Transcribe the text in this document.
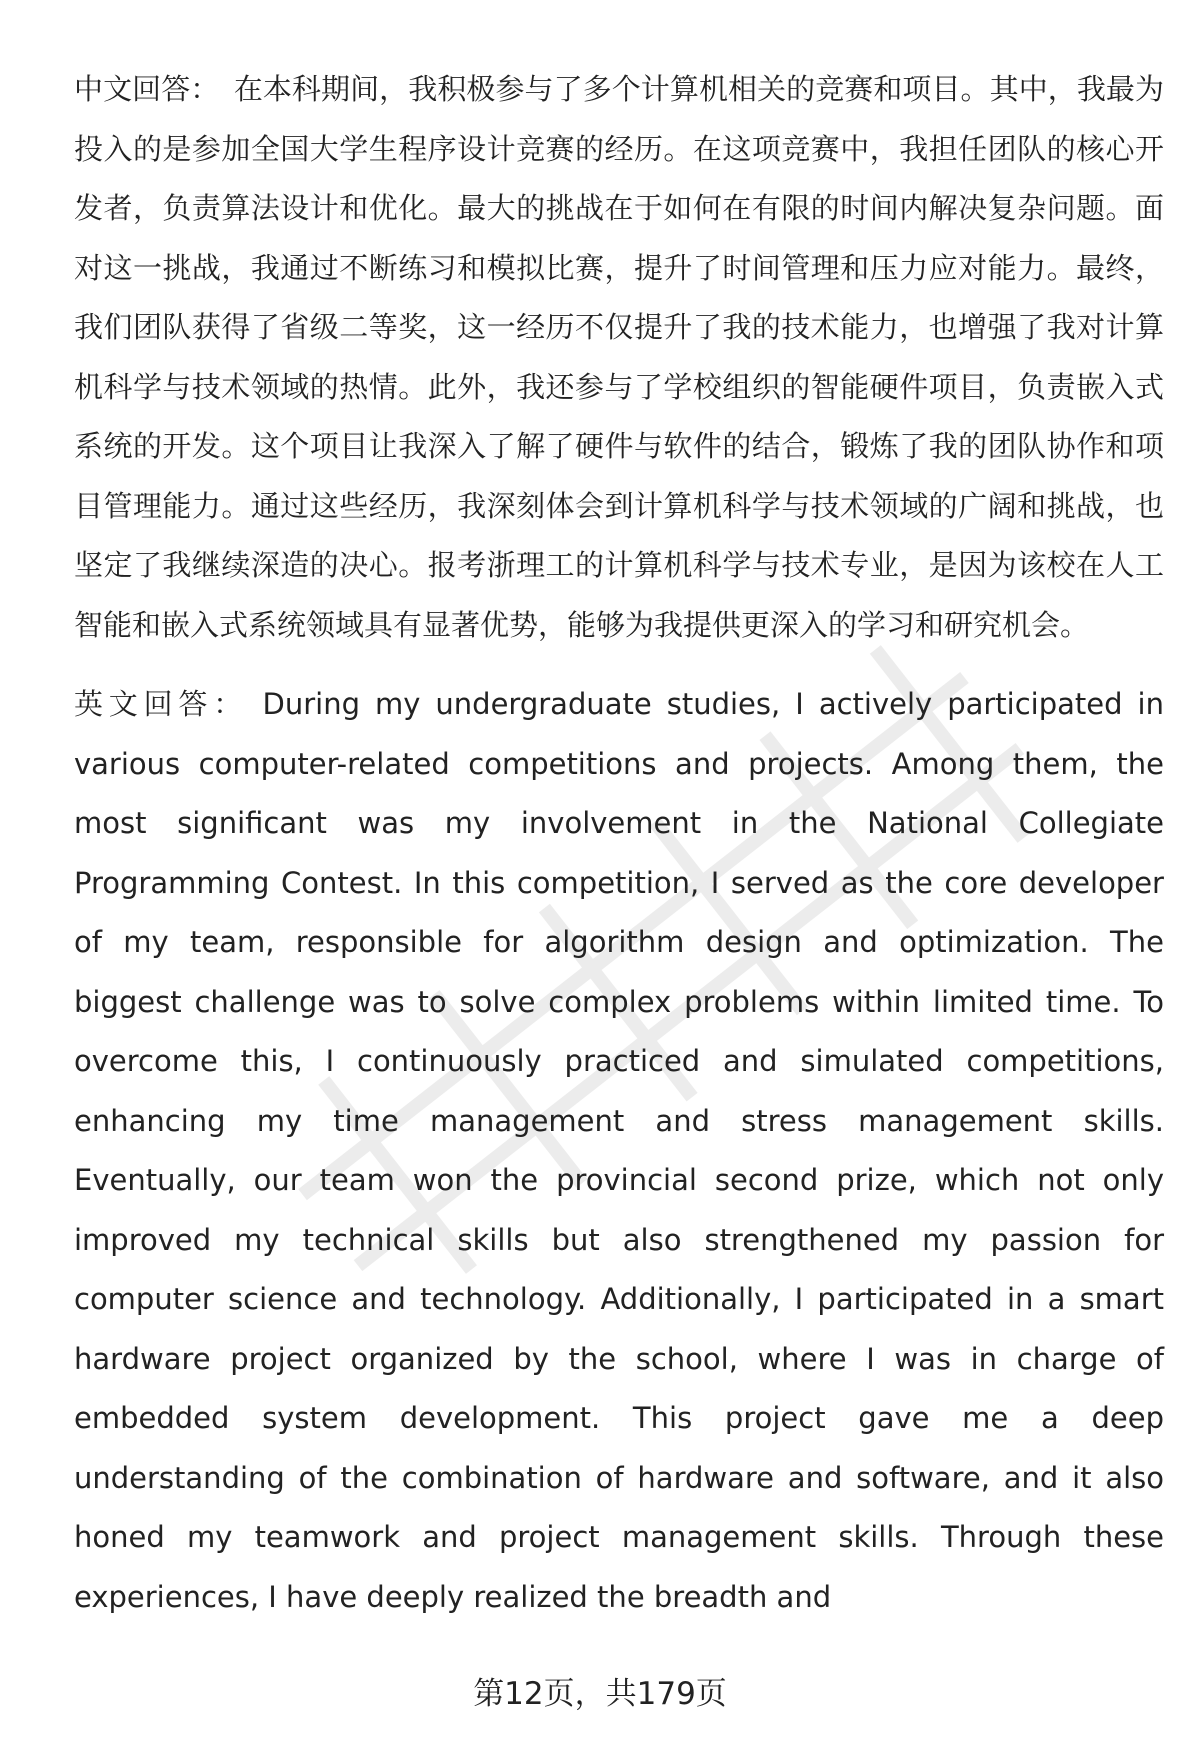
中文回答： 在本科期间，我积极参与了多个计算机相关的竞赛和项目。其中，我最为投入的是参加全国大学生程序设计竞赛的经历。在这项竞赛中，我担任团队的核心开发者，负责算法设计和优化。最大的挑战在于如何在有限的时间内解决复杂问题。面对这一挑战，我通过不断练习和模拟比赛，提升了时间管理和压力应对能力。最终，我们团队获得了省级二等奖，这一经历不仅提升了我的技术能力，也增强了我对计算机科学与技术领域的热情。此外，我还参与了学校组织的智能硬件项目，负责嵌入式系统的开发。这个项目让我深入了解了硬件与软件的结合，锻炼了我的团队协作和项目管理能力。通过这些经历，我深刻体会到计算机科学与技术领域的广阔和挑战，也坚定了我继续深造的决心。报考浙理工的计算机科学与技术专业，是因为该校在人工智能和嵌入式系统领域具有显著优势，能够为我提供更深入的学习和研究机会。

英文回答： During my undergraduate studies, I actively participated in various computer-related competitions and projects. Among them, the most significant was my involvement in the National Collegiate Programming Contest. In this competition, I served as the core developer of my team, responsible for algorithm design and optimization. The biggest challenge was to solve complex problems within limited time. To overcome this, I continuously practiced and simulated competitions, enhancing my time management and stress management skills. Eventually, our team won the provincial second prize, which not only improved my technical skills but also strengthened my passion for computer science and technology. Additionally, I participated in a smart hardware project organized by the school, where I was in charge of embedded system development. This project gave me a deep understanding of the combination of hardware and software, and it also honed my teamwork and project management skills. Through these experiences, I have deeply realized the breadth and

第12页，共179页
